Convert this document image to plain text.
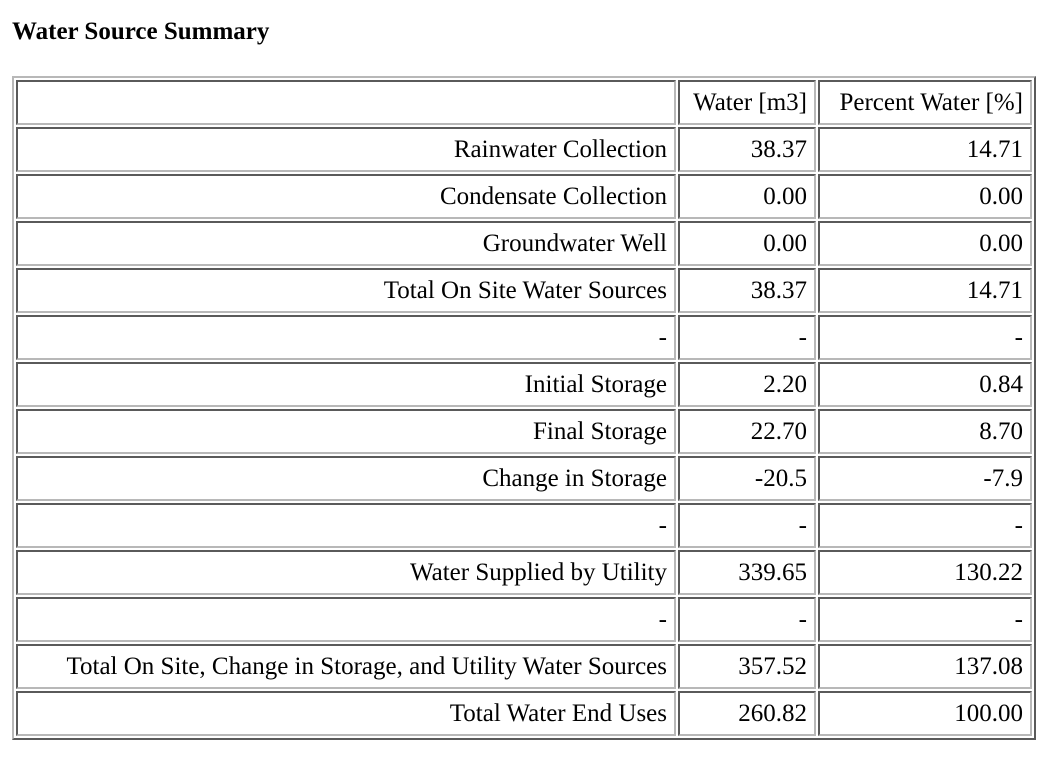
Water Source Summary
	Water [m3]	Percent Water [%]
Rainwater Collection	38.37	14.71
Condensate Collection	0.00	0.00
Groundwater Well	0.00	0.00
Total On Site Water Sources	38.37	14.71
-	-	-
Initial Storage	2.20	0.84
Final Storage	22.70	8.70
Change in Storage	-20.5	-7.9
-	-	-
Water Supplied by Utility	339.65	130.22
-	-	-
Total On Site, Change in Storage, and Utility Water Sources	357.52	137.08
Total Water End Uses	260.82	100.00
